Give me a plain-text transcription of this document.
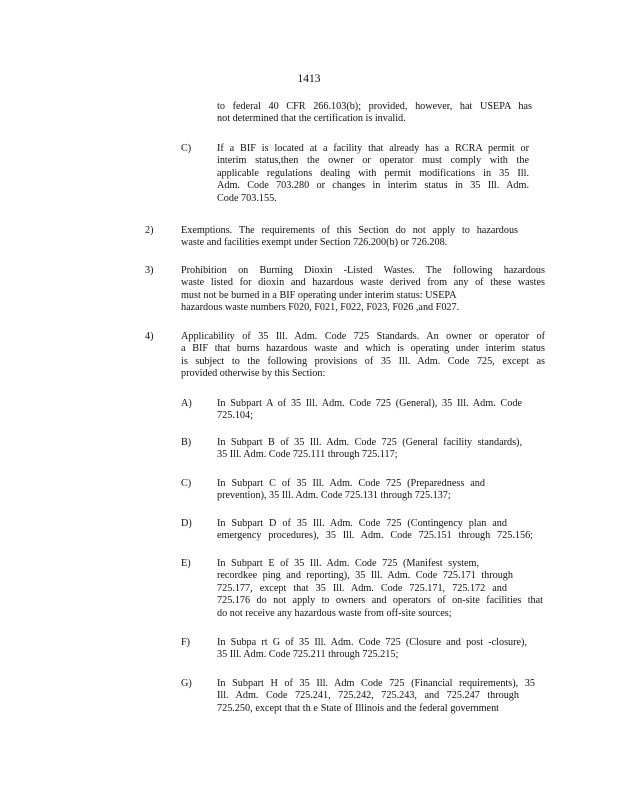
1413
to federal 40 CFR 266.103(b); provided, however, hat USEPA has
not determined that the certification is invalid.
C)	If a BIF is located at a facility that already has a RCRA permit or
interim status,then the owner or operator must comply with the
applicable regulations dealing with permit modifications in 35 Ill.
Adm. Code 703.280 or changes in interim status in 35 Ill. Adm.
Code 703.155.
2)	Exemptions. The requirements of this Section do not apply to hazardous
waste and facilities exempt under Section 726.200(b) or 726.208.
3)	Prohibition on Burning Dioxin -Listed Wastes. The following hazardous
waste listed for dioxin and hazardous waste derived from any of these wastes
must not be burned in a BIF operating under interim status: USEPA
hazardous waste numbers F020, F021, F022, F023, F026 ,and F027.
4)	Applicability of 35 Ill. Adm. Code 725 Standards. An owner or operator of
a BIF that burns hazardous waste and which is operating under interim status
is subject to the following provisions of 35 Ill. Adm. Code 725, except as
provided otherwise by this Section:
A) In Subpart A of 35 Ill. Adm. Code 725 (General), 35 Ill. Adm. Code
725.104;
B)	In Subpart B of 35 Ill. Adm. Code 725 (General facility standards),
35 Ill. Adm. Code 725.111 through 725.117;
C)	In Subpart C of 35 Ill. Adm. Code 725 (Preparedness and
prevention), 35 Ill. Adm. Code 725.131 through 725.137;
D) In Subpart D of 35 Ill. Adm. Code 725 (Contingency plan and
emergency procedures), 35 Ill. Adm. Code 725.151 through 725.156;
E)	In Subpart E of 35 Ill. Adm. Code 725 (Manifest system,
recordkee ping and reporting), 35 Ill. Adm. Code 725.171 through
725.177, except that 35 Ill. Adm. Code 725.171, 725.172 and
725.176 do not apply to owners and operators of on-site facilities that
do not receive any hazardous waste from off-site sources;
F)	In Subpa rt G of 35 Ill. Adm. Code 725 (Closure and post -closure),
35 Ill. Adm. Code 725.211 through 725.215;
G) In Subpart H of 35 Ill. Adm Code 725 (Financial requirements), 35
Ill. Adm. Code 725.241, 725.242, 725.243, and 725.247 through
725.250, except that th e State of Illinois and the federal government
